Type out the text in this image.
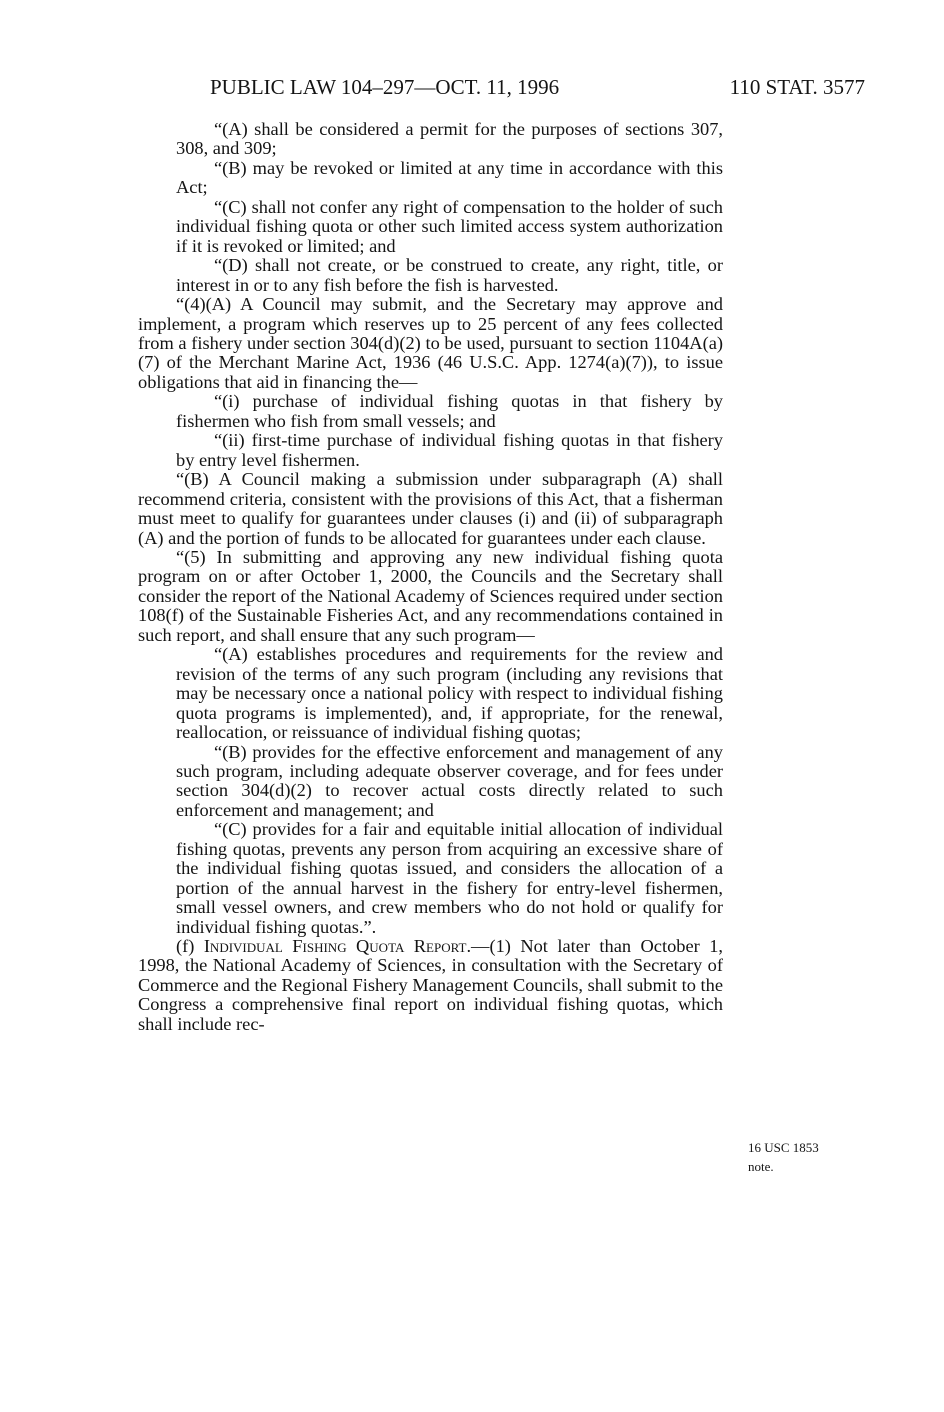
PUBLIC LAW 104–297—OCT. 11, 1996	110 STAT. 3577

“(A) shall be considered a permit for the purposes of sections 307, 308, and 309;

“(B) may be revoked or limited at any time in accordance with this Act;

“(C) shall not confer any right of compensation to the holder of such individual fishing quota or other such limited access system authorization if it is revoked or limited; and

“(D) shall not create, or be construed to create, any right, title, or interest in or to any fish before the fish is harvested.

“(4)(A) A Council may submit, and the Secretary may approve and implement, a program which reserves up to 25 percent of any fees collected from a fishery under section 304(d)(2) to be used, pursuant to section 1104A(a)(7) of the Merchant Marine Act, 1936 (46 U.S.C. App. 1274(a)(7)), to issue obligations that aid in financing the—

“(i) purchase of individual fishing quotas in that fishery by fishermen who fish from small vessels; and

“(ii) first-time purchase of individual fishing quotas in that fishery by entry level fishermen.

“(B) A Council making a submission under subparagraph (A) shall recommend criteria, consistent with the provisions of this Act, that a fisherman must meet to qualify for guarantees under clauses (i) and (ii) of subparagraph (A) and the portion of funds to be allocated for guarantees under each clause.

“(5) In submitting and approving any new individual fishing quota program on or after October 1, 2000, the Councils and the Secretary shall consider the report of the National Academy of Sciences required under section 108(f) of the Sustainable Fisheries Act, and any recommendations contained in such report, and shall ensure that any such program—

“(A) establishes procedures and requirements for the review and revision of the terms of any such program (including any revisions that may be necessary once a national policy with respect to individual fishing quota programs is implemented), and, if appropriate, for the renewal, reallocation, or reissuance of individual fishing quotas;

“(B) provides for the effective enforcement and management of any such program, including adequate observer coverage, and for fees under section 304(d)(2) to recover actual costs directly related to such enforcement and management; and

“(C) provides for a fair and equitable initial allocation of individual fishing quotas, prevents any person from acquiring an excessive share of the individual fishing quotas issued, and considers the allocation of a portion of the annual harvest in the fishery for entry-level fishermen, small vessel owners, and crew members who do not hold or qualify for individual fishing quotas.”.

(f) Individual Fishing Quota Report.—(1) Not later than October 1, 1998, the National Academy of Sciences, in consultation with the Secretary of Commerce and the Regional Fishery Management Councils, shall submit to the Congress a comprehensive final report on individual fishing quotas, which shall include rec-

16 USC 1853
note.
